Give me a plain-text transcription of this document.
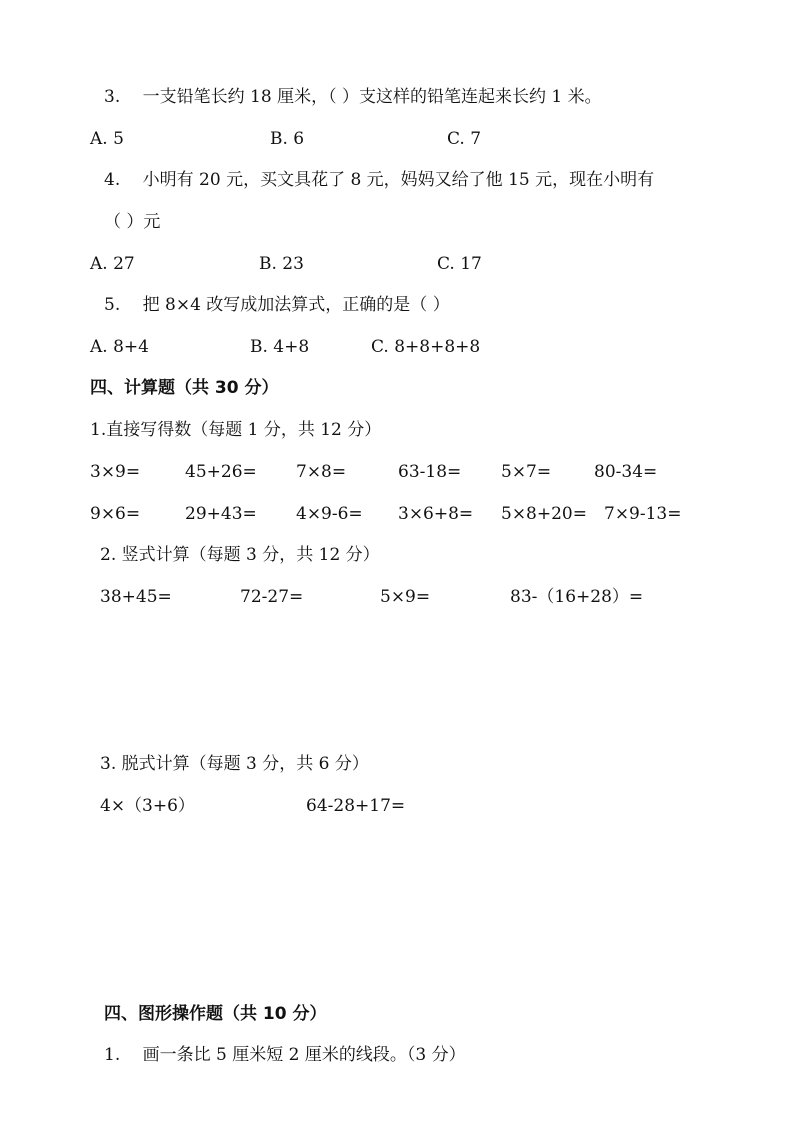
3.　 一支铅笔长约 18 厘米，（ ）支这样的铅笔连起来长约 1 米。
A. 5	B. 6	C. 7
4.　 小明有 20 元，买文具花了 8 元，妈妈又给了他 15 元，现在小明有
（ ）元
A. 27	B. 23	C. 17
5.　 把 8×4 改写成加法算式，正确的是（ ）
A. 8+4	B. 4+8	C. 8+8+8+8
四、计算题（共 30 分）
1.直接写得数（每题 1 分，共 12 分）
3×9=	45+26= 7×8=	63-18= 5×7=	80-34=
9×6=	29+43= 4×9-6= 3×6+8= 5×8+20= 7×9-13=
2. 竖式计算（每题 3 分，共 12 分）
38+45=	72-27=	5×9=	83-（16+28）=
3. 脱式计算（每题 3 分，共 6 分）
4×（3+6）	64-28+17=
四、图形操作题（共 10 分）
1.　 画一条比 5 厘米短 2 厘米的线段。（3 分）
